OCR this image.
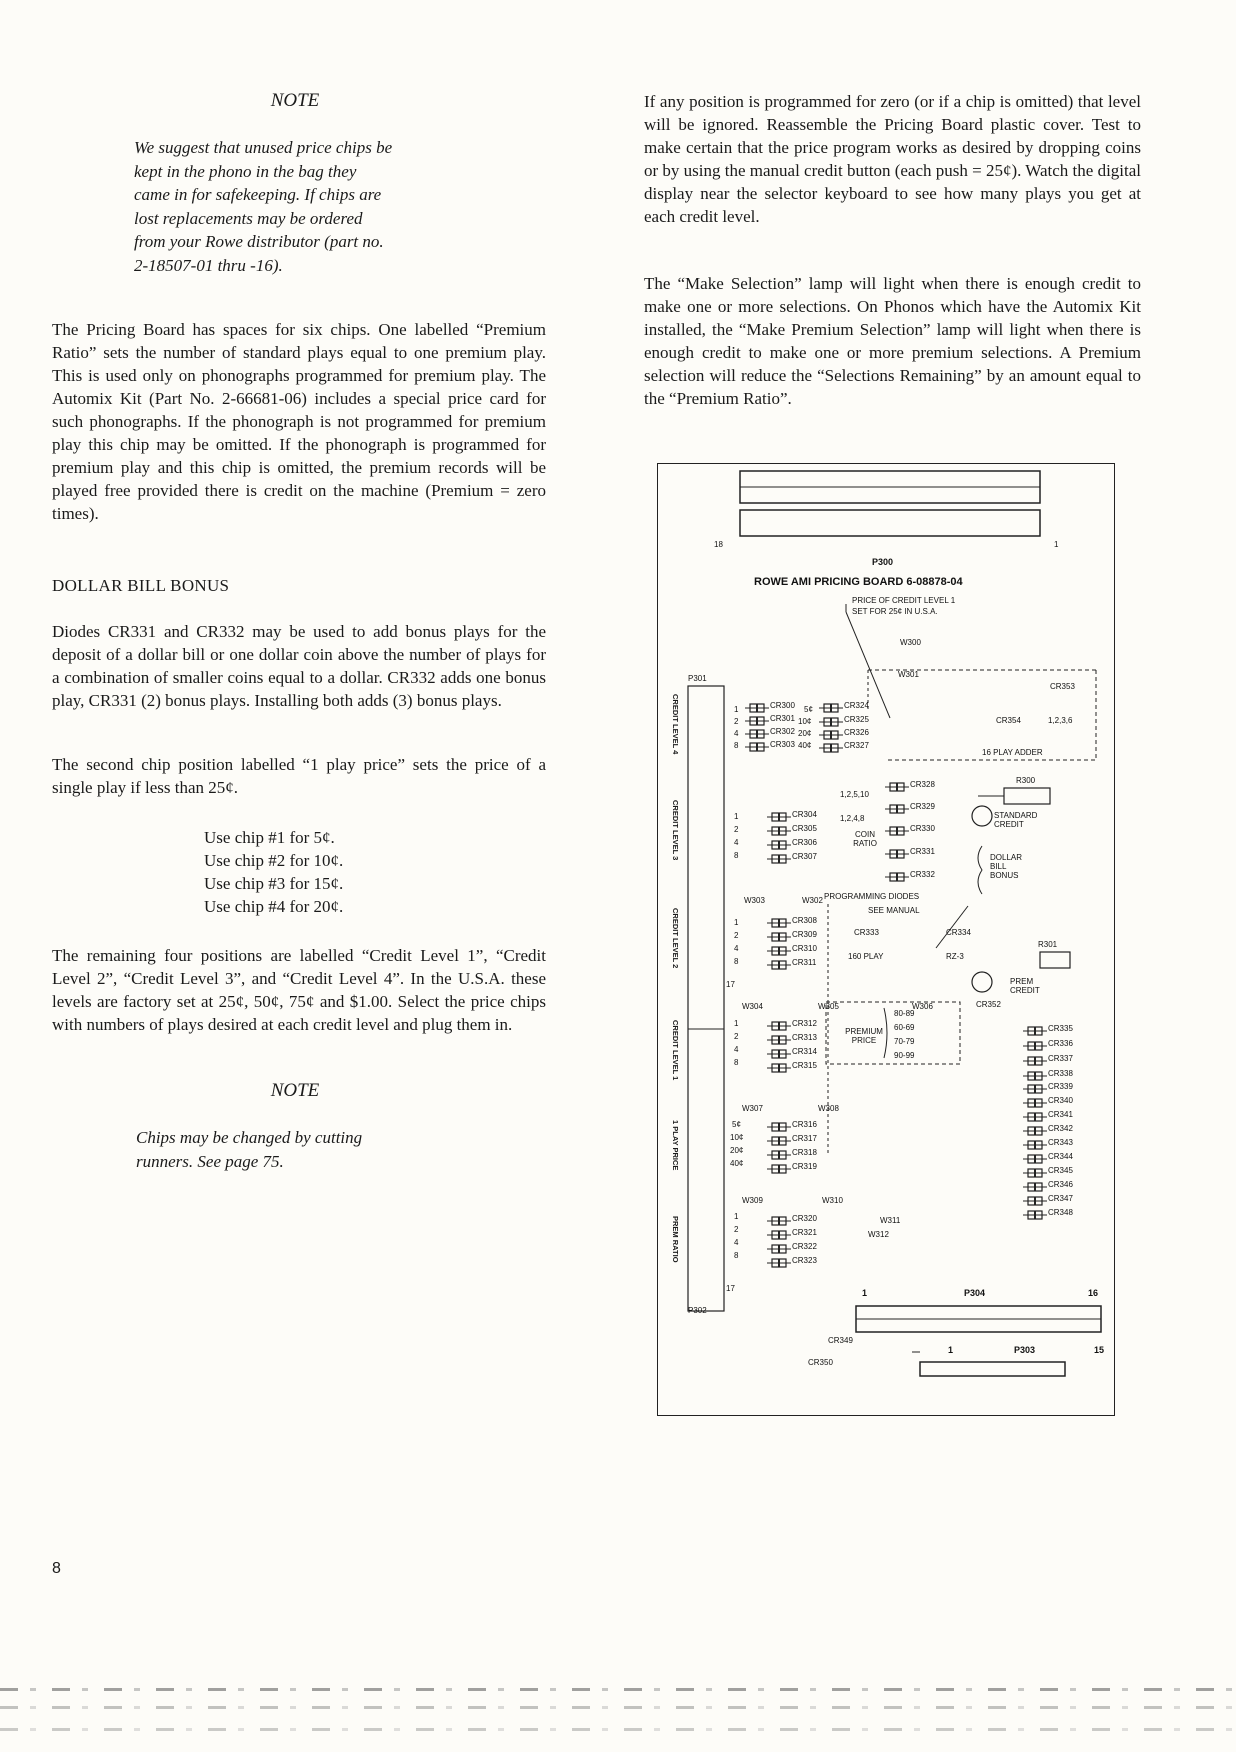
NOTE
We suggest that unused price chips be
kept in the phono in the bag they
came in for safekeeping. If chips are
lost replacements may be ordered
from your Rowe distributor (part no.
2-18507-01 thru -16).
The Pricing Board has spaces for six chips. One labelled “Premium Ratio” sets the number of standard plays equal to one premium play. This is used only on phonographs programmed for premium play. The Automix Kit (Part No. 2-66681-06) includes a special price card for such phonographs. If the phonograph is not programmed for premium play this chip may be omitted. If the phonograph is programmed for premium play and this chip is omitted, the premium records will be played free provided there is credit on the machine (Premium = zero times).
DOLLAR BILL BONUS
Diodes CR331 and CR332 may be used to add bonus plays for the deposit of a dollar bill or one dollar coin above the number of plays for a combination of smaller coins equal to a dollar. CR332 adds one bonus play, CR331 (2) bonus plays. Installing both adds (3) bonus plays.
The second chip position labelled “1 play price” sets the price of a single play if less than 25¢.
Use chip #1 for 5¢.
Use chip #2 for 10¢.
Use chip #3 for 15¢.
Use chip #4 for 20¢.
The remaining four positions are labelled “Credit Level 1”, “Credit Level 2”, “Credit Level 3”, and “Credit Level 4”. In the U.S.A. these levels are factory set at 25¢, 50¢, 75¢ and $1.00. Select the price chips with numbers of plays desired at each credit level and plug them in.
NOTE
Chips may be changed by cutting
runners. See page 75.
If any position is programmed for zero (or if a chip is omitted) that level will be ignored. Reassemble the Pricing Board plastic cover. Test to make certain that the price program works as desired by dropping coins or by using the manual credit button (each push = 25¢). Watch the digital display near the selector keyboard to see how many plays you get at each credit level.
The “Make Selection” lamp will light when there is enough credit to make one or more selections. On Phonos which have the Automix Kit installed, the “Make Premium Selection” lamp will light when there is enough credit to make one or more premium selections. A Premium selection will reduce the “Selections Remaining” by an amount equal to the “Premium Ratio”.
18	1
P300
ROWE AMI PRICING BOARD 6-08878-04
PRICE OF CREDIT LEVEL 1
SET FOR 25¢ IN U.S.A.
W300
W301
P301
P302
CREDIT LEVEL 4
CREDIT LEVEL 3
CREDIT LEVEL 2
CREDIT LEVEL 1
1 PLAY PRICE
PREM RATIO
1
2
4
8
CR300
CR301
CR302
CR303
5¢
10¢
20¢
40¢
CR324
CR325
CR326
CR327
CR353
CR354	1,2,3,6
16 PLAY ADDER
R300
1
2
4
8
CR304
CR305
CR306
CR307
1,2,5,10
1,2,4,8
COIN RATIO
CR328
CR329
CR330
CR331
CR332
STANDARD CREDIT
DOLLAR BILL BONUS
PROGRAMMING DIODES
SEE MANUAL
W303	W302
1
2
4
8
CR308
CR309
CR310
CR311
CR333
160 PLAY
CR334
RZ-3
R301
PREM CREDIT
CR352
17
W304	W305	W306
1
2
4
8
CR312
CR313
CR314
CR315
PREMIUM PRICE
80-89
60-69
70-79
90-99
CR335
CR336
CR337
CR338
CR339
CR340
CR341
CR342
CR343
CR344
CR345
CR346
CR347
CR348
W307	W308
5¢
10¢
20¢
40¢
CR316
CR317
CR318
CR319
W309	W310
W311
W312
1
2
4
8
CR320
CR321
CR322
CR323
17	1	P304	16
CR349
CR350
1	P303	15
8
